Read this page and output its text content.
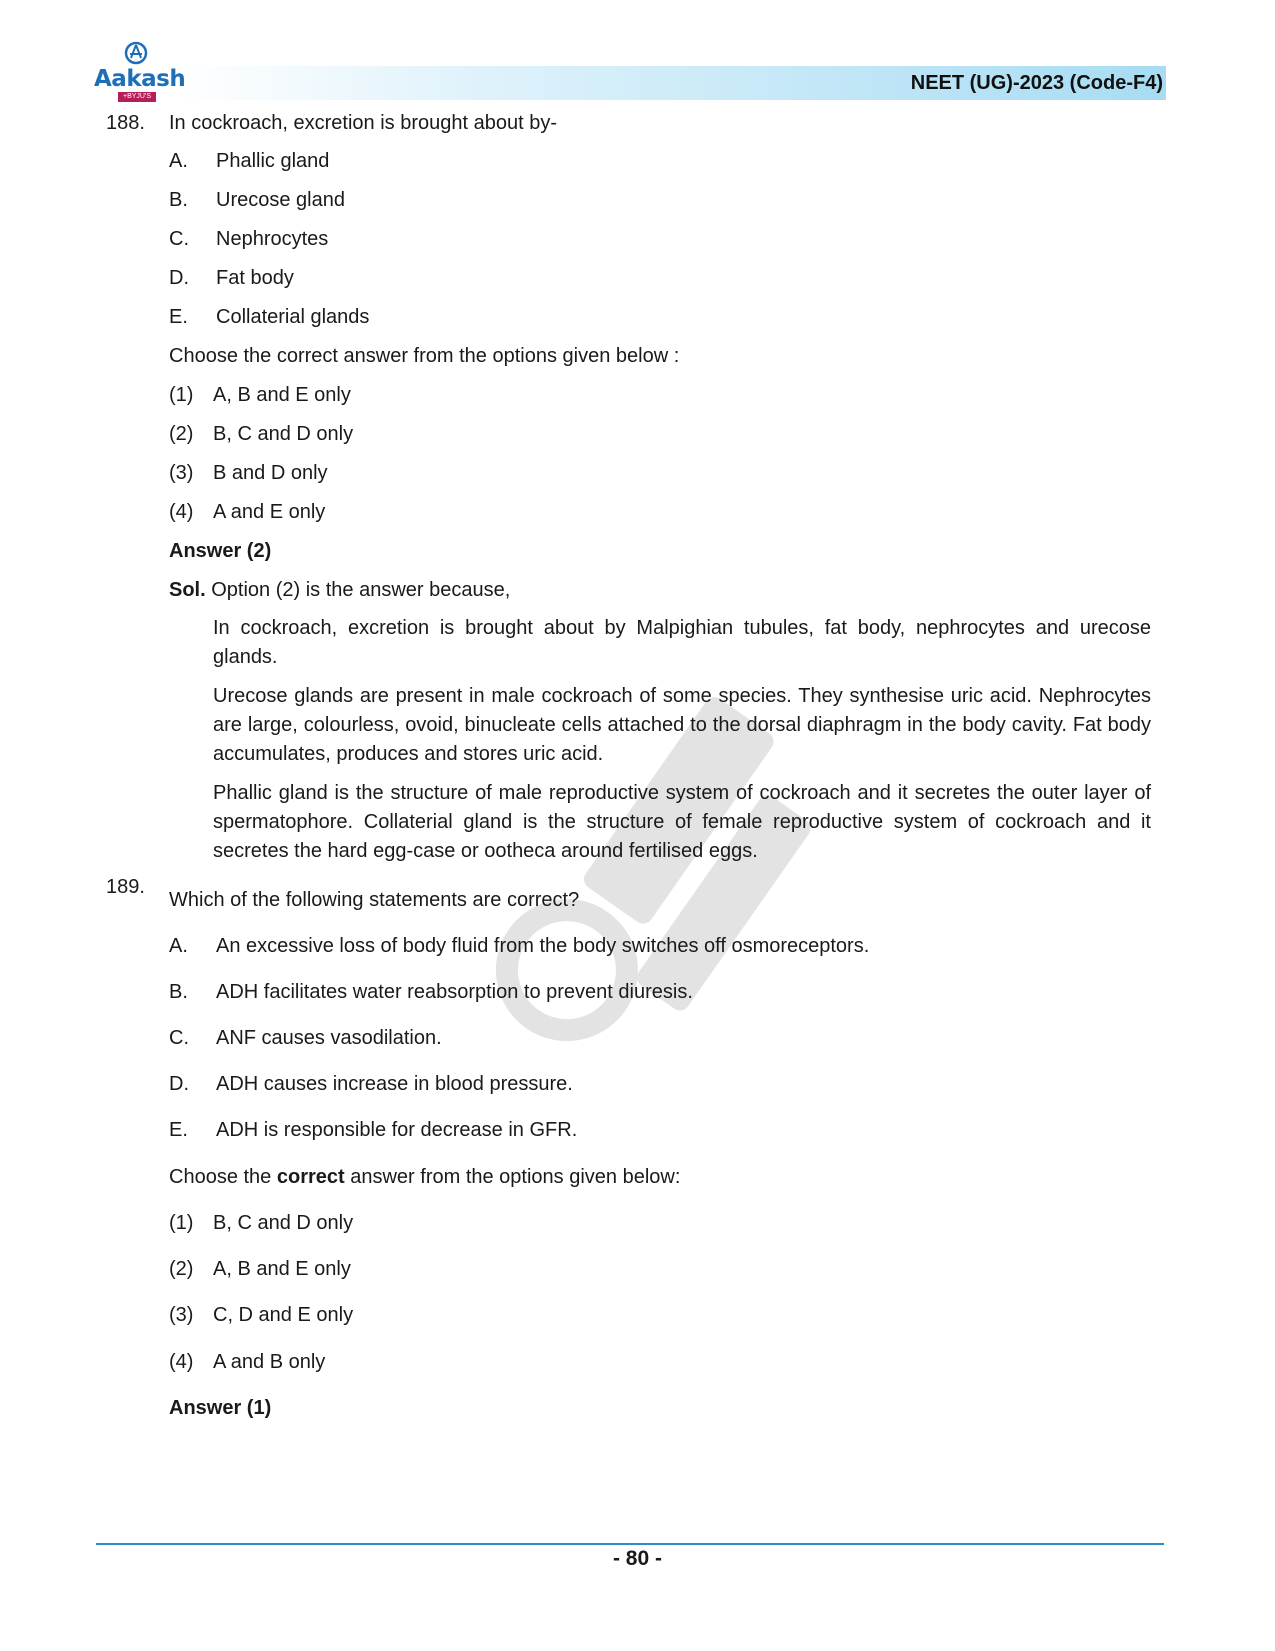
Aakash
+BYJU'S
NEET (UG)-2023 (Code-F4)
188. In cockroach, excretion is brought about by-
A. Phallic gland
B. Urecose gland
C. Nephrocytes
D. Fat body
E. Collaterial glands
Choose the correct answer from the options given below :
(1) A, B and E only
(2) B, C and D only
(3) B and D only
(4) A and E only
Answer (2)
Sol. Option (2) is the answer because,
In cockroach, excretion is brought about by Malpighian tubules, fat body, nephrocytes and urecose glands.
Urecose glands are present in male cockroach of some species. They synthesise uric acid. Nephrocytes are large, colourless, ovoid, binucleate cells attached to the dorsal diaphragm in the body cavity. Fat body accumulates, produces and stores uric acid.
Phallic gland is the structure of male reproductive system of cockroach and it secretes the outer layer of spermatophore. Collaterial gland is the structure of female reproductive system of cockroach and it secretes the hard egg-case or ootheca around fertilised eggs.
189.
Which of the following statements are correct?
A. An excessive loss of body fluid from the body switches off osmoreceptors.
B. ADH facilitates water reabsorption to prevent diuresis.
C. ANF causes vasodilation.
D. ADH causes increase in blood pressure.
E. ADH is responsible for decrease in GFR.
Choose the correct answer from the options given below:
(1) B, C and D only
(2) A, B and E only
(3) C, D and E only
(4) A and B only
Answer (1)
- 80 -
